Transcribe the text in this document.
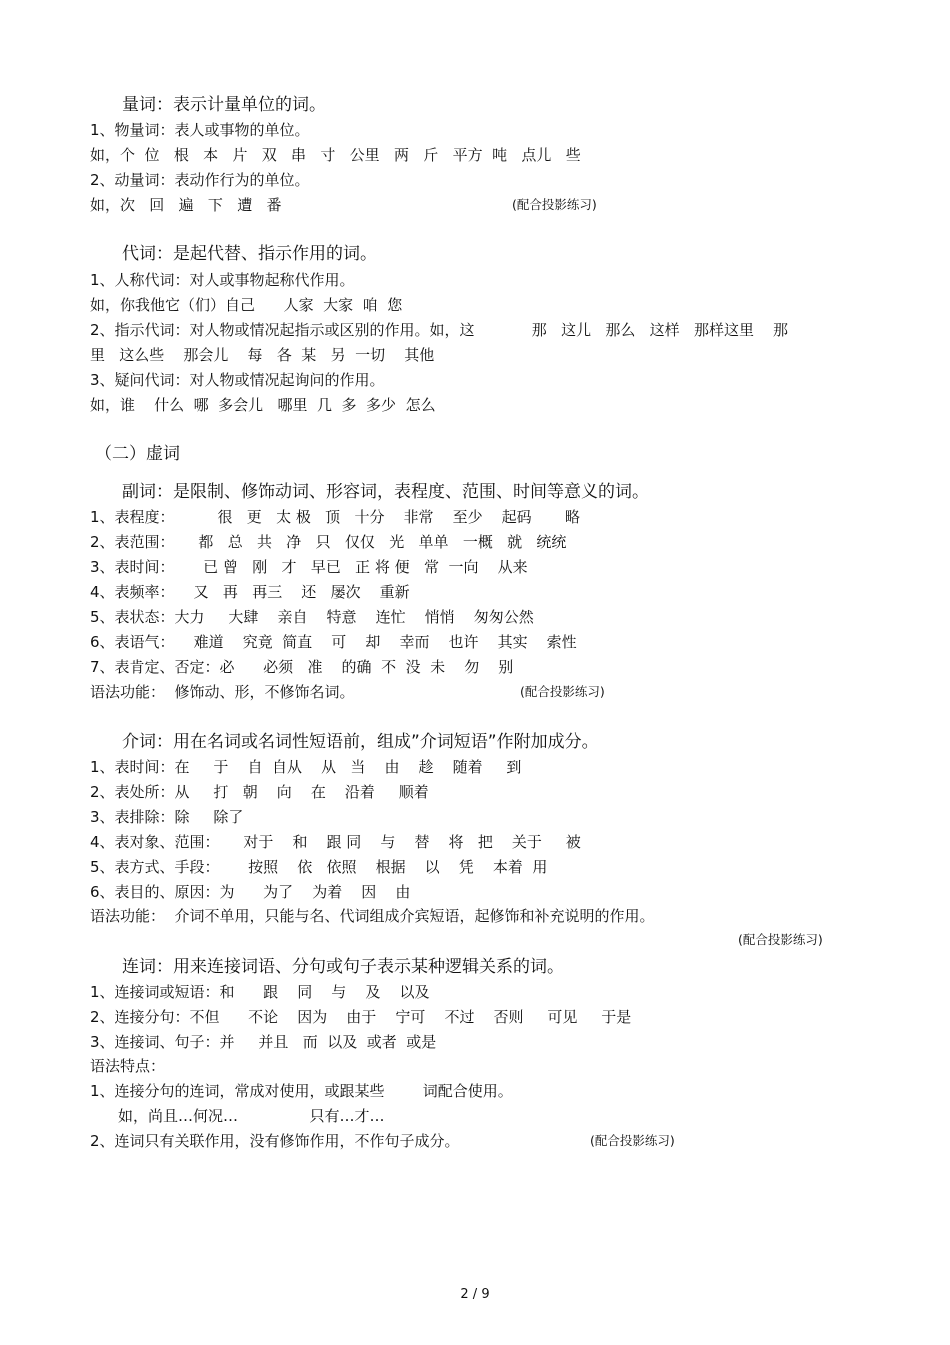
量词：表示计量单位的词。
1、物量词：表人或事物的单位。
如，个  位   根   本   片   双   串   寸   公里   两   斤   平方  吨   点儿   些
2、动量词：表动作行为的单位。
如，次   回   遍   下   遭   番	(配合投影练习)
代词：是起代替、指示作用的词。
1、人称代词：对人或事物起称代作用。
如，你我他它（们）自己      人家  大家  咱  您
2、指示代词：对人物或情况起指示或区别的作用。如，这            那   这儿   那么   这样   那样这里    那
里   这么些    那会儿    每   各  某   另  一切    其他
3、疑问代词：对人物或情况起询问的作用。
如，谁    什么  哪  多会儿   哪里  几  多  多少  怎么
（二）虚词
副词：是限制、修饰动词、形容词，表程度、范围、时间等意义的词。
1、表程度：         很   更   太 极   顶   十分    非常    至少    起码       略
2、表范围：     都   总   共   净   只   仅仅   光   单单   一概   就   统统
3、表时间：      已 曾   刚   才   早已   正 将 便   常  一向    从来
4、表频率：    又   再   再三    还   屡次    重新
5、表状态：大力     大肆    亲自    特意    连忙    悄悄    匆匆公然
6、表语气：    难道    究竟  简直    可    却    幸而    也许    其实    索性
7、表肯定、否定：必      必须   准    的确  不  没  未    勿    别
语法功能：  修饰动、形，不修饰名词。	(配合投影练习)
介词：用在名词或名词性短语前，组成”介词短语”作附加成分。
1、表时间：在     于    自  自从    从   当    由    趁    随着     到
2、表处所：从     打   朝    向    在    沿着     顺着
3、表排除：除     除了
4、表对象、范围：     对于    和    跟 同    与    替    将   把    关于     被
5、表方式、手段：      按照    依   依照    根据    以    凭    本着  用
6、表目的、原因：为      为了    为着    因    由
语法功能：  介词不单用，只能与名、代词组成介宾短语，起修饰和补充说明的作用。
(配合投影练习)
连词：用来连接词语、分句或句子表示某种逻辑关系的词。
1、连接词或短语：和      跟    同    与    及    以及
2、连接分句：不但      不论    因为    由于    宁可    不过    否则     可见     于是
3、连接词、句子：并     并且   而  以及  或者  或是
语法特点：
1、连接分句的连词，常成对使用，或跟某些        词配合使用。
如，尚且…何况…               只有…才…
2、连词只有关联作用，没有修饰作用，不作句子成分。	(配合投影练习)
2 / 9
